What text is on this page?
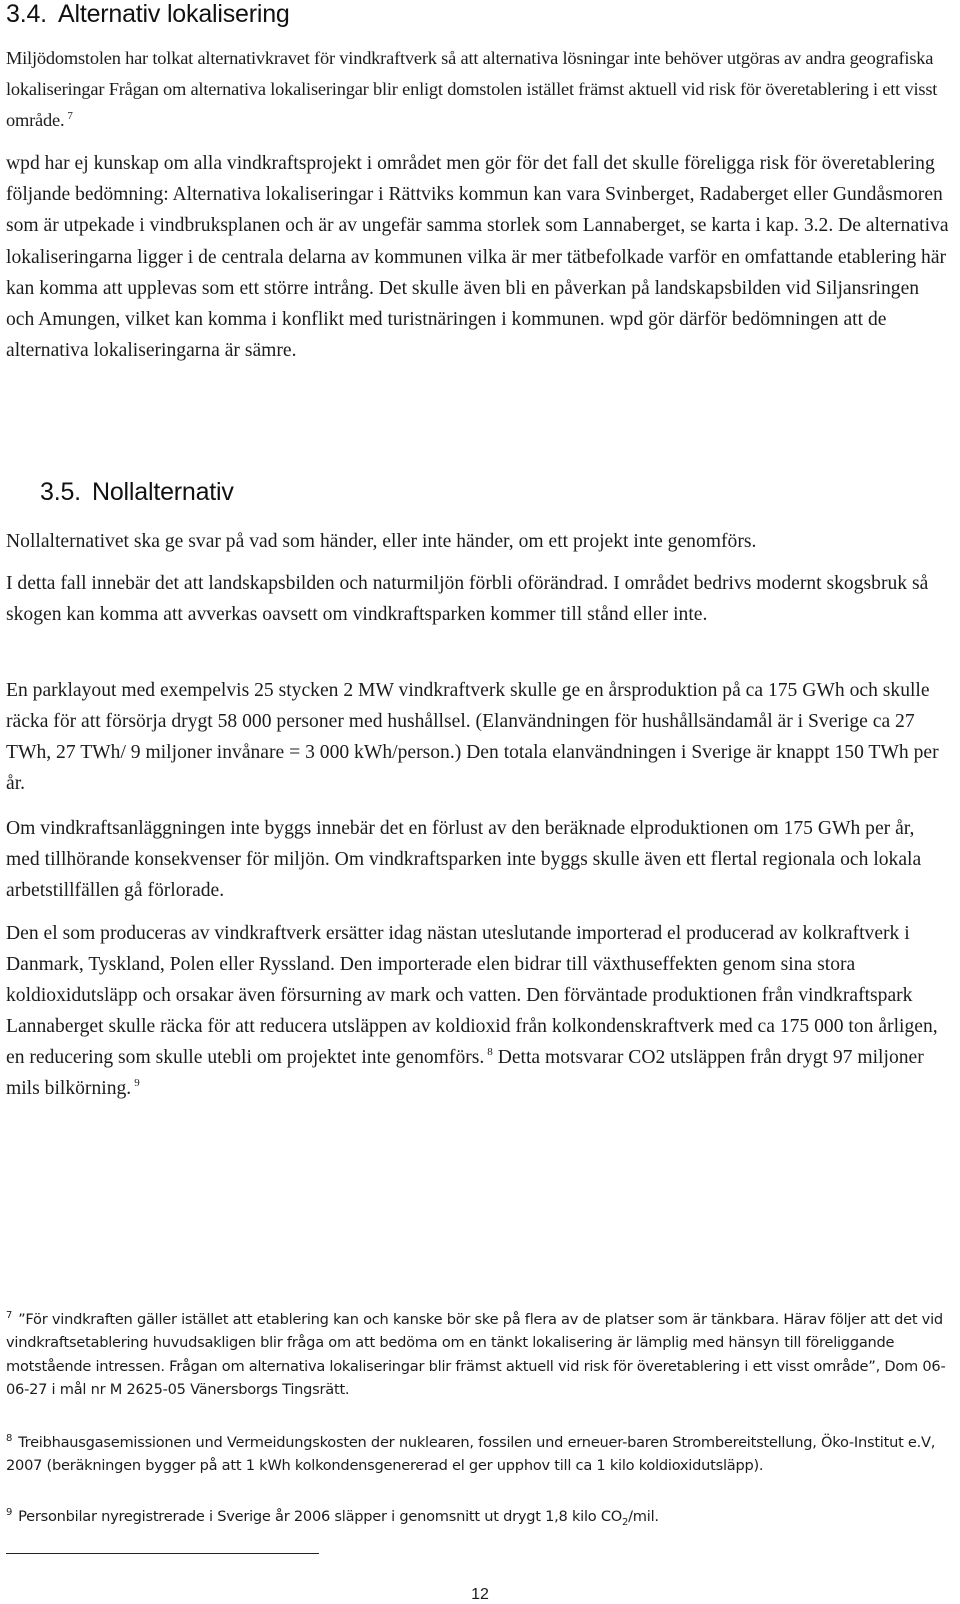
3.4. Alternativ lokalisering

Miljödomstolen har tolkat alternativkravet för vindkraftverk så att alternativa lösningar inte behöver utgöras av andra geografiska lokaliseringar Frågan om alternativa lokaliseringar blir enligt domstolen istället främst aktuell vid risk för överetablering i ett visst område. $^7$

wpd har ej kunskap om alla vindkraftsprojekt i området men gör för det fall det skulle föreligga risk för överetablering följande bedömning: Alternativa lokaliseringar i Rättviks kommun kan vara Svinberget, Radaberget eller Gundåsmoren som är utpekade i vindbruksplanen och är av ungefär samma storlek som Lannaberget, se karta i kap. 3.2. De alternativa lokaliseringarna ligger i de centrala delarna av kommunen vilka är mer tätbefolkade varför en omfattande etablering här kan komma att upplevas som ett större intrång. Det skulle även bli en påverkan på landskapsbilden vid Siljansringen och Amungen, vilket kan komma i konflikt med turistnäringen i kommunen. wpd gör därför bedömningen att de alternativa lokaliseringarna är sämre.

3.5. Nollalternativ

Nollalternativet ska ge svar på vad som händer, eller inte händer, om ett projekt inte genomförs.

I detta fall innebär det att landskapsbilden och naturmiljön förbli oförändrad. I området bedrivs modernt skogsbruk så skogen kan komma att avverkas oavsett om vindkraftsparken kommer till stånd eller inte.

En parklayout med exempelvis 25 stycken 2 MW vindkraftverk skulle ge en årsproduktion på ca 175 GWh och skulle räcka för att försörja drygt 58 000 personer med hushållsel. (Elanvändningen för hushållsändamål är i Sverige ca 27 TWh, 27 TWh/ 9 miljoner invånare = 3 000 kWh/person.) Den totala elanvändningen i Sverige är knappt 150 TWh per år.

Om vindkraftsanläggningen inte byggs innebär det en förlust av den beräknade elproduktionen om 175 GWh per år, med tillhörande konsekvenser för miljön. Om vindkraftsparken inte byggs skulle även ett flertal regionala och lokala arbetstillfällen gå förlorade.

Den el som produceras av vindkraftverk ersätter idag nästan uteslutande importerad el producerad av kolkraftverk i Danmark, Tyskland, Polen eller Ryssland. Den importerade elen bidrar till växthuseffekten genom sina stora koldioxidutsläpp och orsakar även försurning av mark och vatten. Den förväntade produktionen från vindkraftspark Lannaberget skulle räcka för att reducera utsläppen av koldioxid från kolkondenskraftverk med ca 175 000 ton årligen, en reducering som skulle utebli om projektet inte genomförs. $^8$ Detta motsvarar CO2 utsläppen från drygt 97 miljoner mils bilkörning. $^9$

$^7$ ”För vindkraften gäller istället att etablering kan och kanske bör ske på flera av de platser som är tänkbara. Härav följer att det vid vindkraftsetablering huvudsakligen blir fråga om att bedöma om en tänkt lokalisering är lämplig med hänsyn till föreliggande motstående intressen. Frågan om alternativa lokaliseringar blir främst aktuell vid risk för överetablering i ett visst område”, Dom 06-06-27 i mål nr M 2625-05 Vänersborgs Tingsrätt.

$^8$ Treibhausgasemissionen und Vermeidungskosten der nuklearen, fossilen und erneuer-baren Strombereitstellung, Öko-Institut e.V, 2007 (beräkningen bygger på att 1 kWh kolkondensgenererad el ger upphov till ca 1 kilo koldioxidutsläpp).

$^9$ Personbilar nyregistrerade i Sverige år 2006 släpper i genomsnitt ut drygt 1,8 kilo $CO_2$/mil.

12
